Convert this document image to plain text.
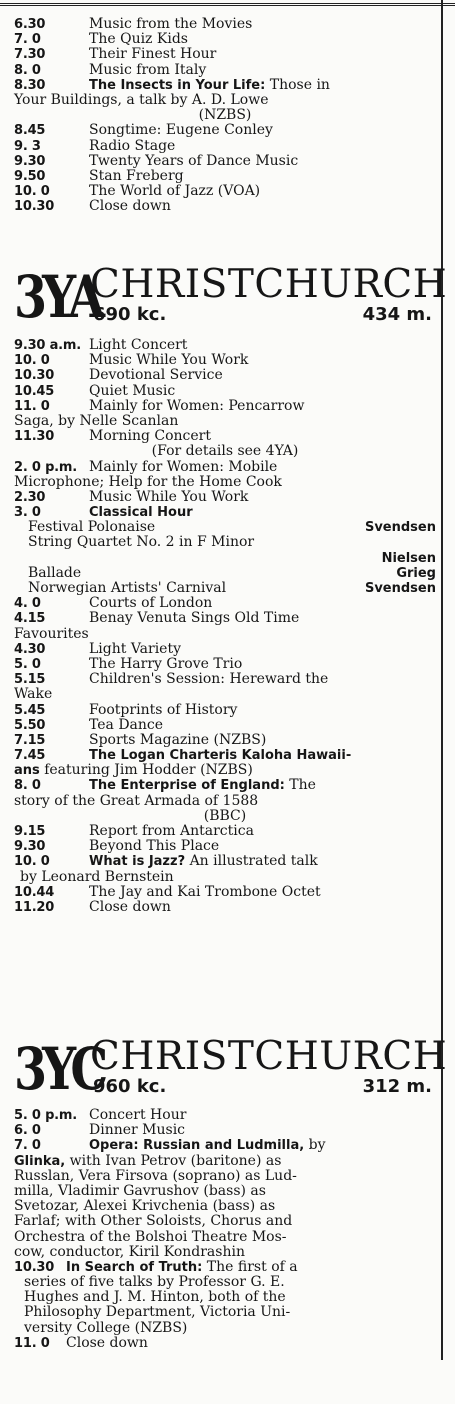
6.30	Music from the Movies
7. 0	The Quiz Kids
7.30	Their Finest Hour
8. 0	Music from Italy
8.30	The Insects in Your Life: Those in
Your Buildings, a talk by A. D. Lowe
(NZBS)
8.45	Songtime: Eugene Conley
9. 3	Radio Stage
9.30	Twenty Years of Dance Music
9.50	Stan Freberg
10. 0	The World of Jazz (VOA)
10.30 Close down
3YA
CHRISTCHURCH
690 kc.	434 m.
9.30 a.m. Light Concert
10. 0	Music While You Work
10.30 Devotional Service
10.45 Quiet Music
11. 0	Mainly for Women: Pencarrow
Saga, by Nelle Scanlan
11.30 Morning Concert
(For details see 4YA)
2. 0 p.m. Mainly for Women: Mobile
Microphone; Help for the Home Cook
2.30	Music While You Work
3. 0	Classical Hour
Festival Polonaise	Svendsen
String Quartet No. 2 in F Minor
Nielsen
Ballade	Grieg
Norwegian Artists' Carnival	Svendsen
4. 0	Courts of London
4.15	Benay Venuta Sings Old Time
Favourites
4.30	Light Variety
5. 0	The Harry Grove Trio
5.15	Children's Session: Hereward the
Wake
5.45	Footprints of History
5.50	Tea Dance
7.15	Sports Magazine (NZBS)
7.45	The Logan Charteris Kaloha Hawaii-
ans featuring Jim Hodder (NZBS)
8. 0	The Enterprise of England: The
story of the Great Armada of 1588
(BBC)
9.15	Report from Antarctica
9.30	Beyond This Place
10. 0	What is Jazz? An illustrated talk
by Leonard Bernstein
10.44 The Jay and Kai Trombone Octet
11.20 Close down
3YC
CHRISTCHURCH
960 kc.	312 m.
5. 0 p.m. Concert Hour
6. 0	Dinner Music
7. 0	Opera: Russian and Ludmilla, by
Glinka, with Ivan Petrov (baritone) as
Russlan, Vera Firsova (soprano) as Lud-
milla, Vladimir Gavrushov (bass) as
Svetozar, Alexei Krivchenia (bass) as
Farlaf; with Other Soloists, Chorus and
Orchestra of the Bolshoi Theatre Mos-
cow, conductor, Kiril Kondrashin
10.30 In Search of Truth: The first of a
series of five talks by Professor G. E.
Hughes and J. M. Hinton, both of the
Philosophy Department, Victoria Uni-
versity College (NZBS)
11. 0 Close down
